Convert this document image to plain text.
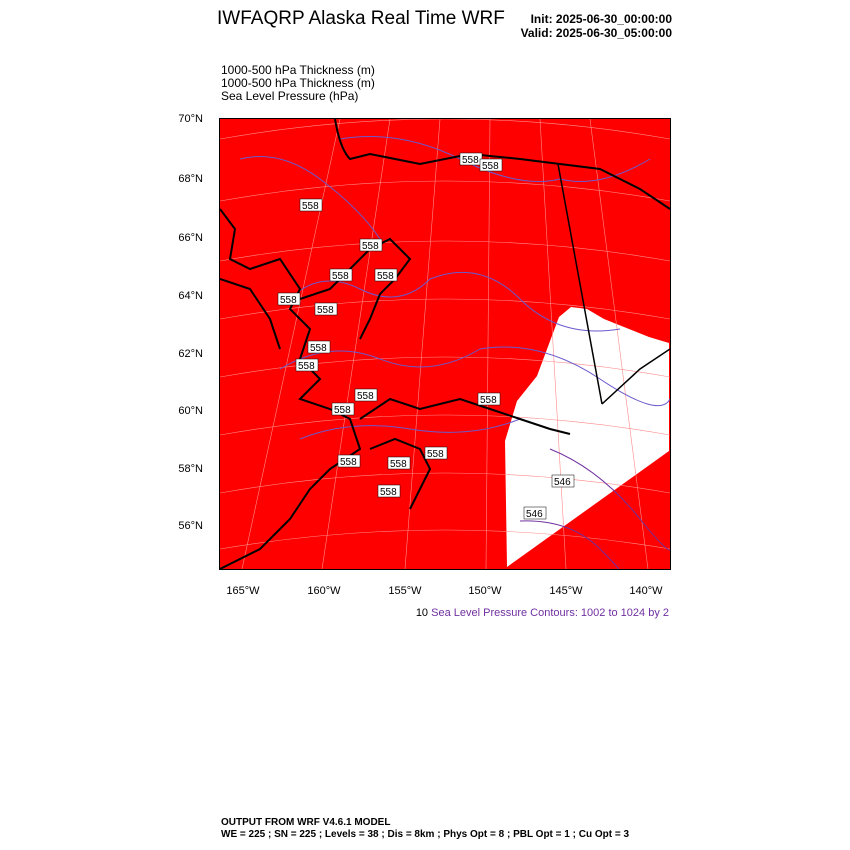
IWFAQRP Alaska Real Time WRF	Init: 2025-06-30_00:00:00
Valid: 2025-06-30_05:00:00
1000-500 hPa Thickness (m)
1000-500 hPa Thickness (m)
Sea Level Pressure (hPa)
558
558
558
558
558	558
558
558
558
558
558
558
558
558	558
558
558
546
546
70°N
68°N
66°N
64°N
62°N
60°N
58°N
56°N
165°W	160°W	155°W	150°W	145°W	140°W
10 Sea Level Pressure Contours: 1002 to 1024 by 2
OUTPUT FROM WRF V4.6.1 MODEL
WE = 225 ; SN = 225 ; Levels = 38 ; Dis = 8km ; Phys Opt = 8 ; PBL Opt = 1 ; Cu Opt = 3
